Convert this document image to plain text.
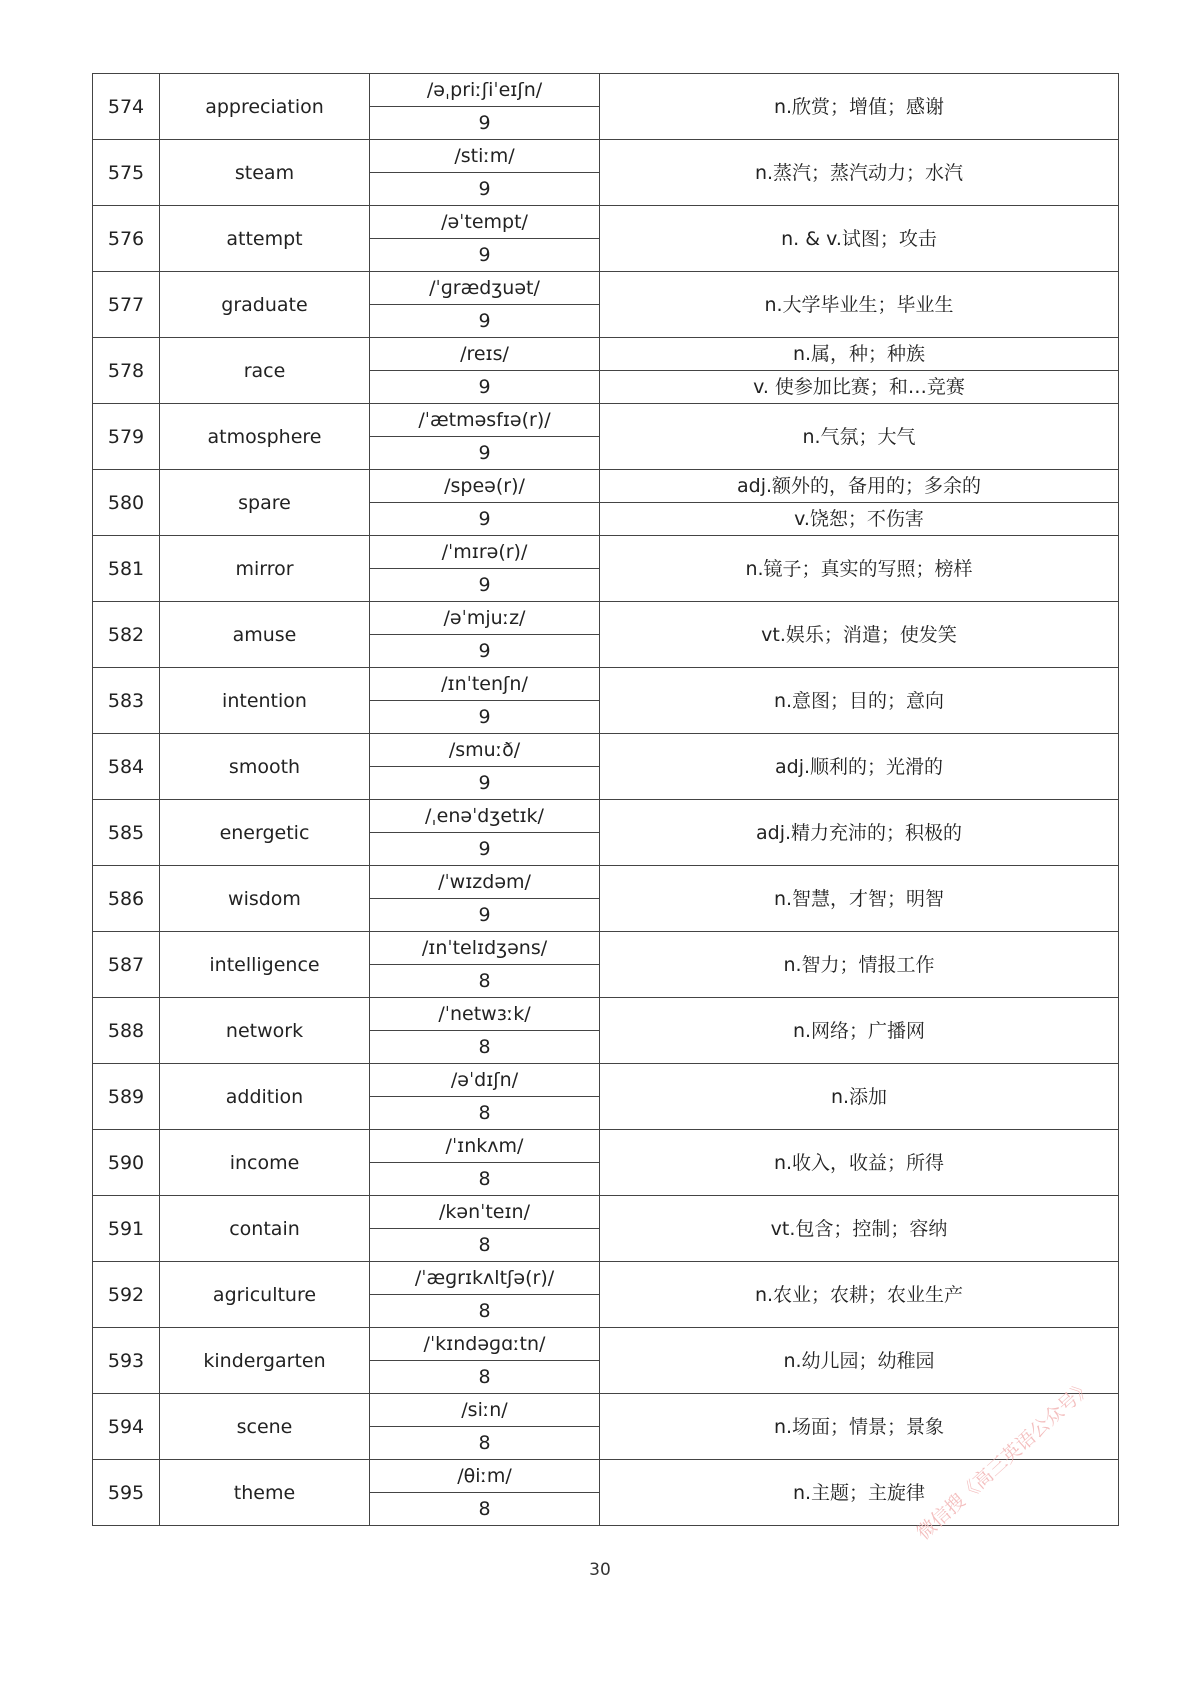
574	appreciation	/əˌpriːʃiˈeɪʃn/	n.欣赏；增值；感谢
		9	
575	steam	/stiːm/	n.蒸汽；蒸汽动力；水汽
		9	
576	attempt	/əˈtempt/	n. & v.试图；攻击
		9	
577	graduate	/ˈɡrædʒuət/	n.大学毕业生；毕业生
		9	
578	race	/reɪs/	n.属，种；种族
		9	v. 使参加比赛；和…竞赛
579	atmosphere	/ˈætməsfɪə(r)/	n.气氛；大气
		9	
580	spare	/speə(r)/	adj.额外的，备用的；多余的
		9	v.饶恕；不伤害
581	mirror	/ˈmɪrə(r)/	n.镜子；真实的写照；榜样
		9	
582	amuse	/əˈmjuːz/	vt.娱乐；消遣；使发笑
		9	
583	intention	/ɪnˈtenʃn/	n.意图；目的；意向
		9	
584	smooth	/smuːð/	adj.顺利的；光滑的
		9	
585	energetic	/ˌenəˈdʒetɪk/	adj.精力充沛的；积极的
		9	
586	wisdom	/ˈwɪzdəm/	n.智慧，才智；明智
		9	
587	intelligence	/ɪnˈtelɪdʒəns/	n.智力；情报工作
		8	
588	network	/ˈnetwɜːk/	n.网络；广播网
		8	
589	addition	/əˈdɪʃn/	n.添加
		8	
590	income	/ˈɪnkʌm/	n.收入，收益；所得
		8	
591	contain	/kənˈteɪn/	vt.包含；控制；容纳
		8	
592	agriculture	/ˈæɡrɪkʌltʃə(r)/	n.农业；农耕；农业生产
		8	
593	kindergarten	/ˈkɪndəɡɑːtn/	n.幼儿园；幼稚园
		8	
594	scene	/siːn/	n.场面；情景；景象
		8	
595	theme	/θiːm/	n.主题；主旋律
		8	
30
微信搜《高三英语公众号》
